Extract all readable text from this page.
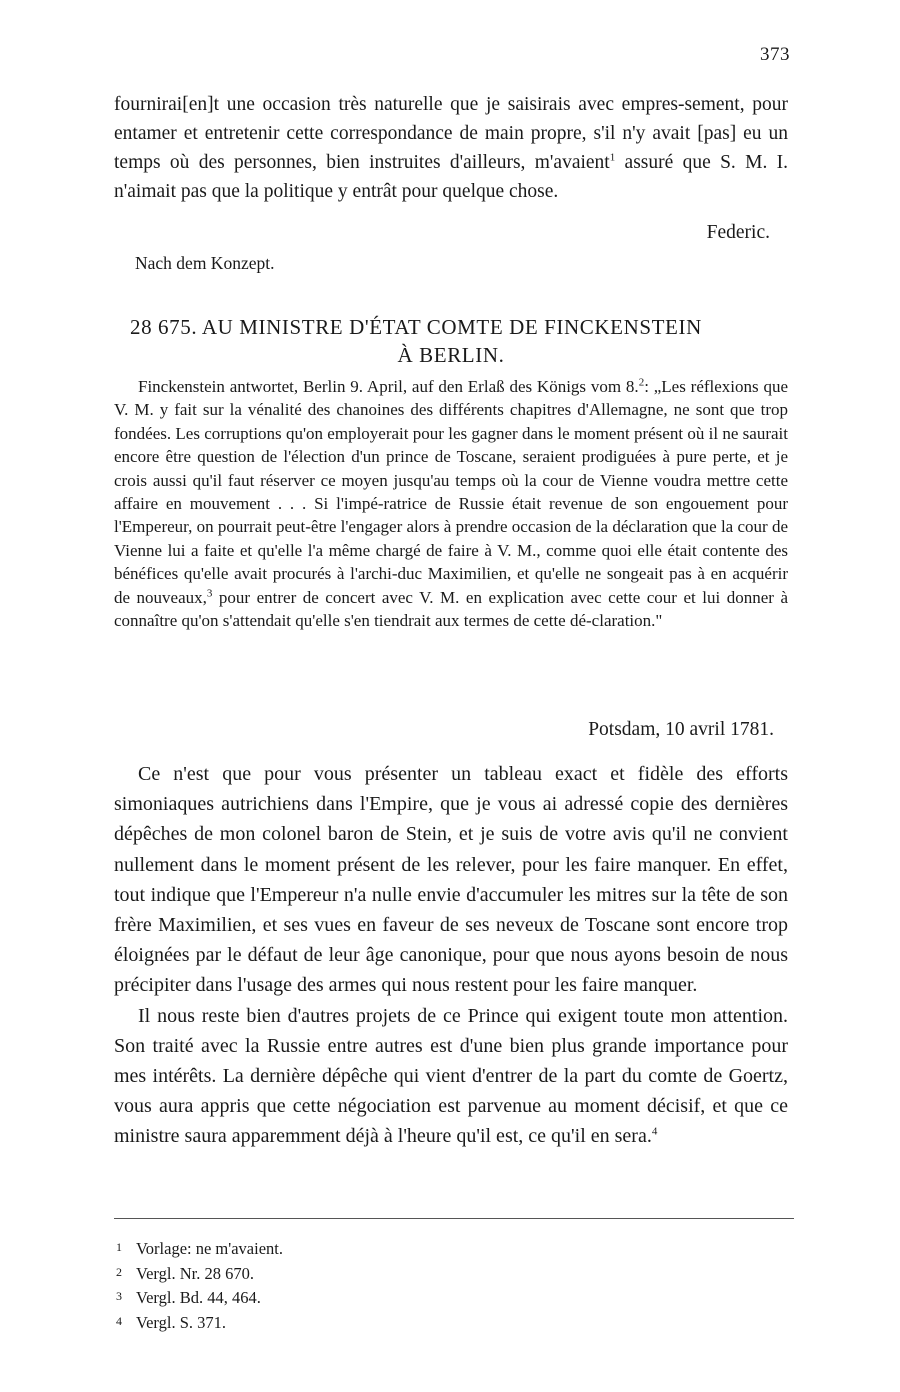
373

fournirai[en]t une occasion très naturelle que je saisirais avec empres-sement, pour entamer et entretenir cette correspondance de main propre, s'il n'y avait [pas] eu un temps où des personnes, bien instruites d'ailleurs, m'avaient$^1$ assuré que S. M. I. n'aimait pas que la politique y entrât pour quelque chose.

Federic.
Nach dem Konzept.
28 675. AU MINISTRE D'ÉTAT COMTE DE FINCKENSTEIN
À BERLIN.

Finckenstein antwortet, Berlin 9. April, auf den Erlaß des Königs vom 8.$^2$: „Les réflexions que V. M. y fait sur la vénalité des chanoines des différents chapitres d'Allemagne, ne sont que trop fondées. Les corruptions qu'on employerait pour les gagner dans le moment présent où il ne saurait encore être question de l'élection d'un prince de Toscane, seraient prodiguées à pure perte, et je crois aussi qu'il faut réserver ce moyen jusqu'au temps où la cour de Vienne voudra mettre cette affaire en mouvement . . . Si l'impé-ratrice de Russie était revenue de son engouement pour l'Empereur, on pourrait peut-être l'engager alors à prendre occasion de la déclaration que la cour de Vienne lui a faite et qu'elle l'a même chargé de faire à V. M., comme quoi elle était contente des bénéfices qu'elle avait procurés à l'archi-duc Maximilien, et qu'elle ne songeait pas à en acquérir de nouveaux,$^3$ pour entrer de concert avec V. M. en explication avec cette cour et lui donner à connaître qu'on s'attendait qu'elle s'en tiendrait aux termes de cette dé-claration."

Potsdam, 10 avril 1781.

Ce n'est que pour vous présenter un tableau exact et fidèle des efforts simoniaques autrichiens dans l'Empire, que je vous ai adressé copie des dernières dépêches de mon colonel baron de Stein, et je suis de votre avis qu'il ne convient nullement dans le moment présent de les relever, pour les faire manquer. En effet, tout indique que l'Empereur n'a nulle envie d'accumuler les mitres sur la tête de son frère Maximilien, et ses vues en faveur de ses neveux de Toscane sont encore trop éloignées par le défaut de leur âge canonique, pour que nous ayons besoin de nous précipiter dans l'usage des armes qui nous restent pour les faire manquer.

Il nous reste bien d'autres projets de ce Prince qui exigent toute mon attention. Son traité avec la Russie entre autres est d'une bien plus grande importance pour mes intérêts. La dernière dépêche qui vient d'entrer de la part du comte de Goertz, vous aura appris que cette négociation est parvenue au moment décisif, et que ce ministre saura apparemment déjà à l'heure qu'il est, ce qu'il en sera.$^4$

1 Vorlage: ne m'avaient.
2 Vergl. Nr. 28 670.
3 Vergl. Bd. 44, 464.
4 Vergl. S. 371.
